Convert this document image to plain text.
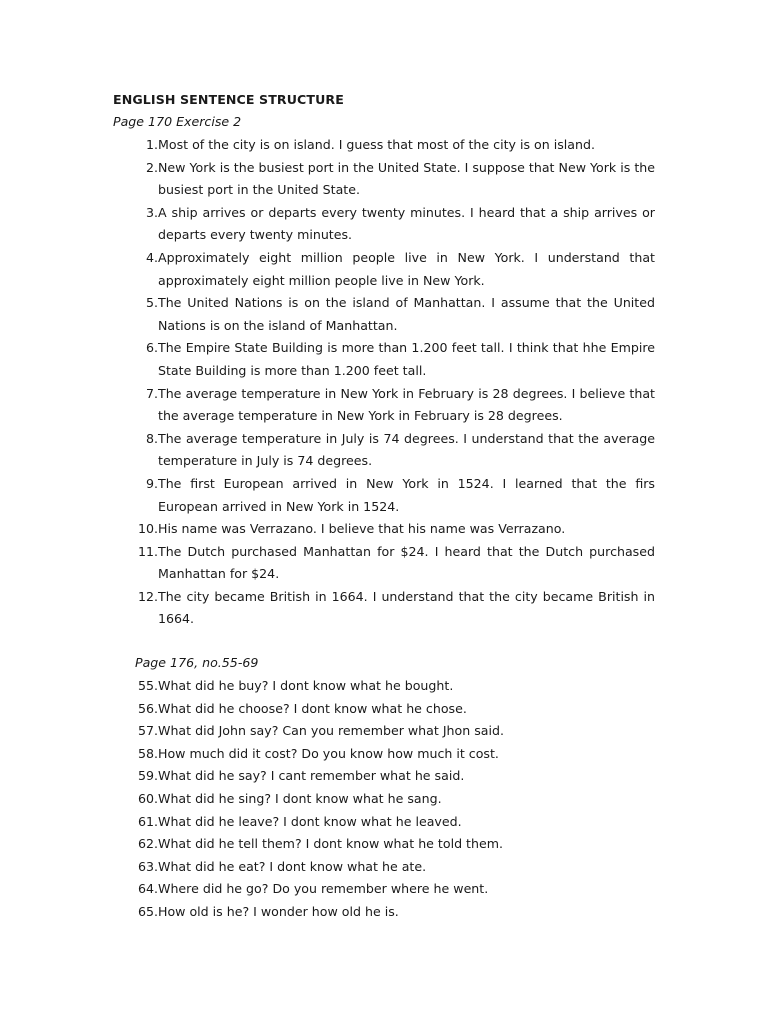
ENGLISH SENTENCE STRUCTURE
Page 170 Exercise 2
1. Most of the city is on island. I guess that most of the city is on island.
2. New York is the busiest port in the United State. I suppose that New York is the busiest port in the United State.
3. A ship arrives or departs every twenty minutes. I heard that a ship arrives or departs every twenty minutes.
4. Approximately eight million people live in New York. I understand that approximately eight million people live in New York.
5. The United Nations is on the island of Manhattan. I assume that the United Nations is on the island of Manhattan.
6. The Empire State Building is more than 1.200 feet tall. I think that hhe Empire State Building is more than 1.200 feet tall.
7. The average temperature in New York in February is 28 degrees. I believe that the average temperature in New York in February is 28 degrees.
8. The average temperature in July is 74 degrees. I understand that the average temperature in July is 74 degrees.
9. The first European arrived in New York in 1524. I learned that the firs European arrived in New York in 1524.
10. His name was Verrazano. I believe that his name was Verrazano.
11. The Dutch purchased Manhattan for $24. I heard that the Dutch purchased Manhattan for $24.
12. The city became British in 1664. I understand that the city became British in 1664.
Page 176, no.55-69
55. What did he buy? I dont know what he bought.
56. What did he choose? I dont know what he chose.
57. What did John say? Can you remember what Jhon said.
58. How much did it cost? Do you know how much it cost.
59. What did he say? I cant remember what he said.
60. What did he sing? I dont know what he sang.
61. What did he leave? I dont know what he leaved.
62. What did he tell them? I dont know what he told them.
63. What did he eat? I dont know what he ate.
64. Where did he go? Do you remember where he went.
65. How old is he? I wonder how old he is.
